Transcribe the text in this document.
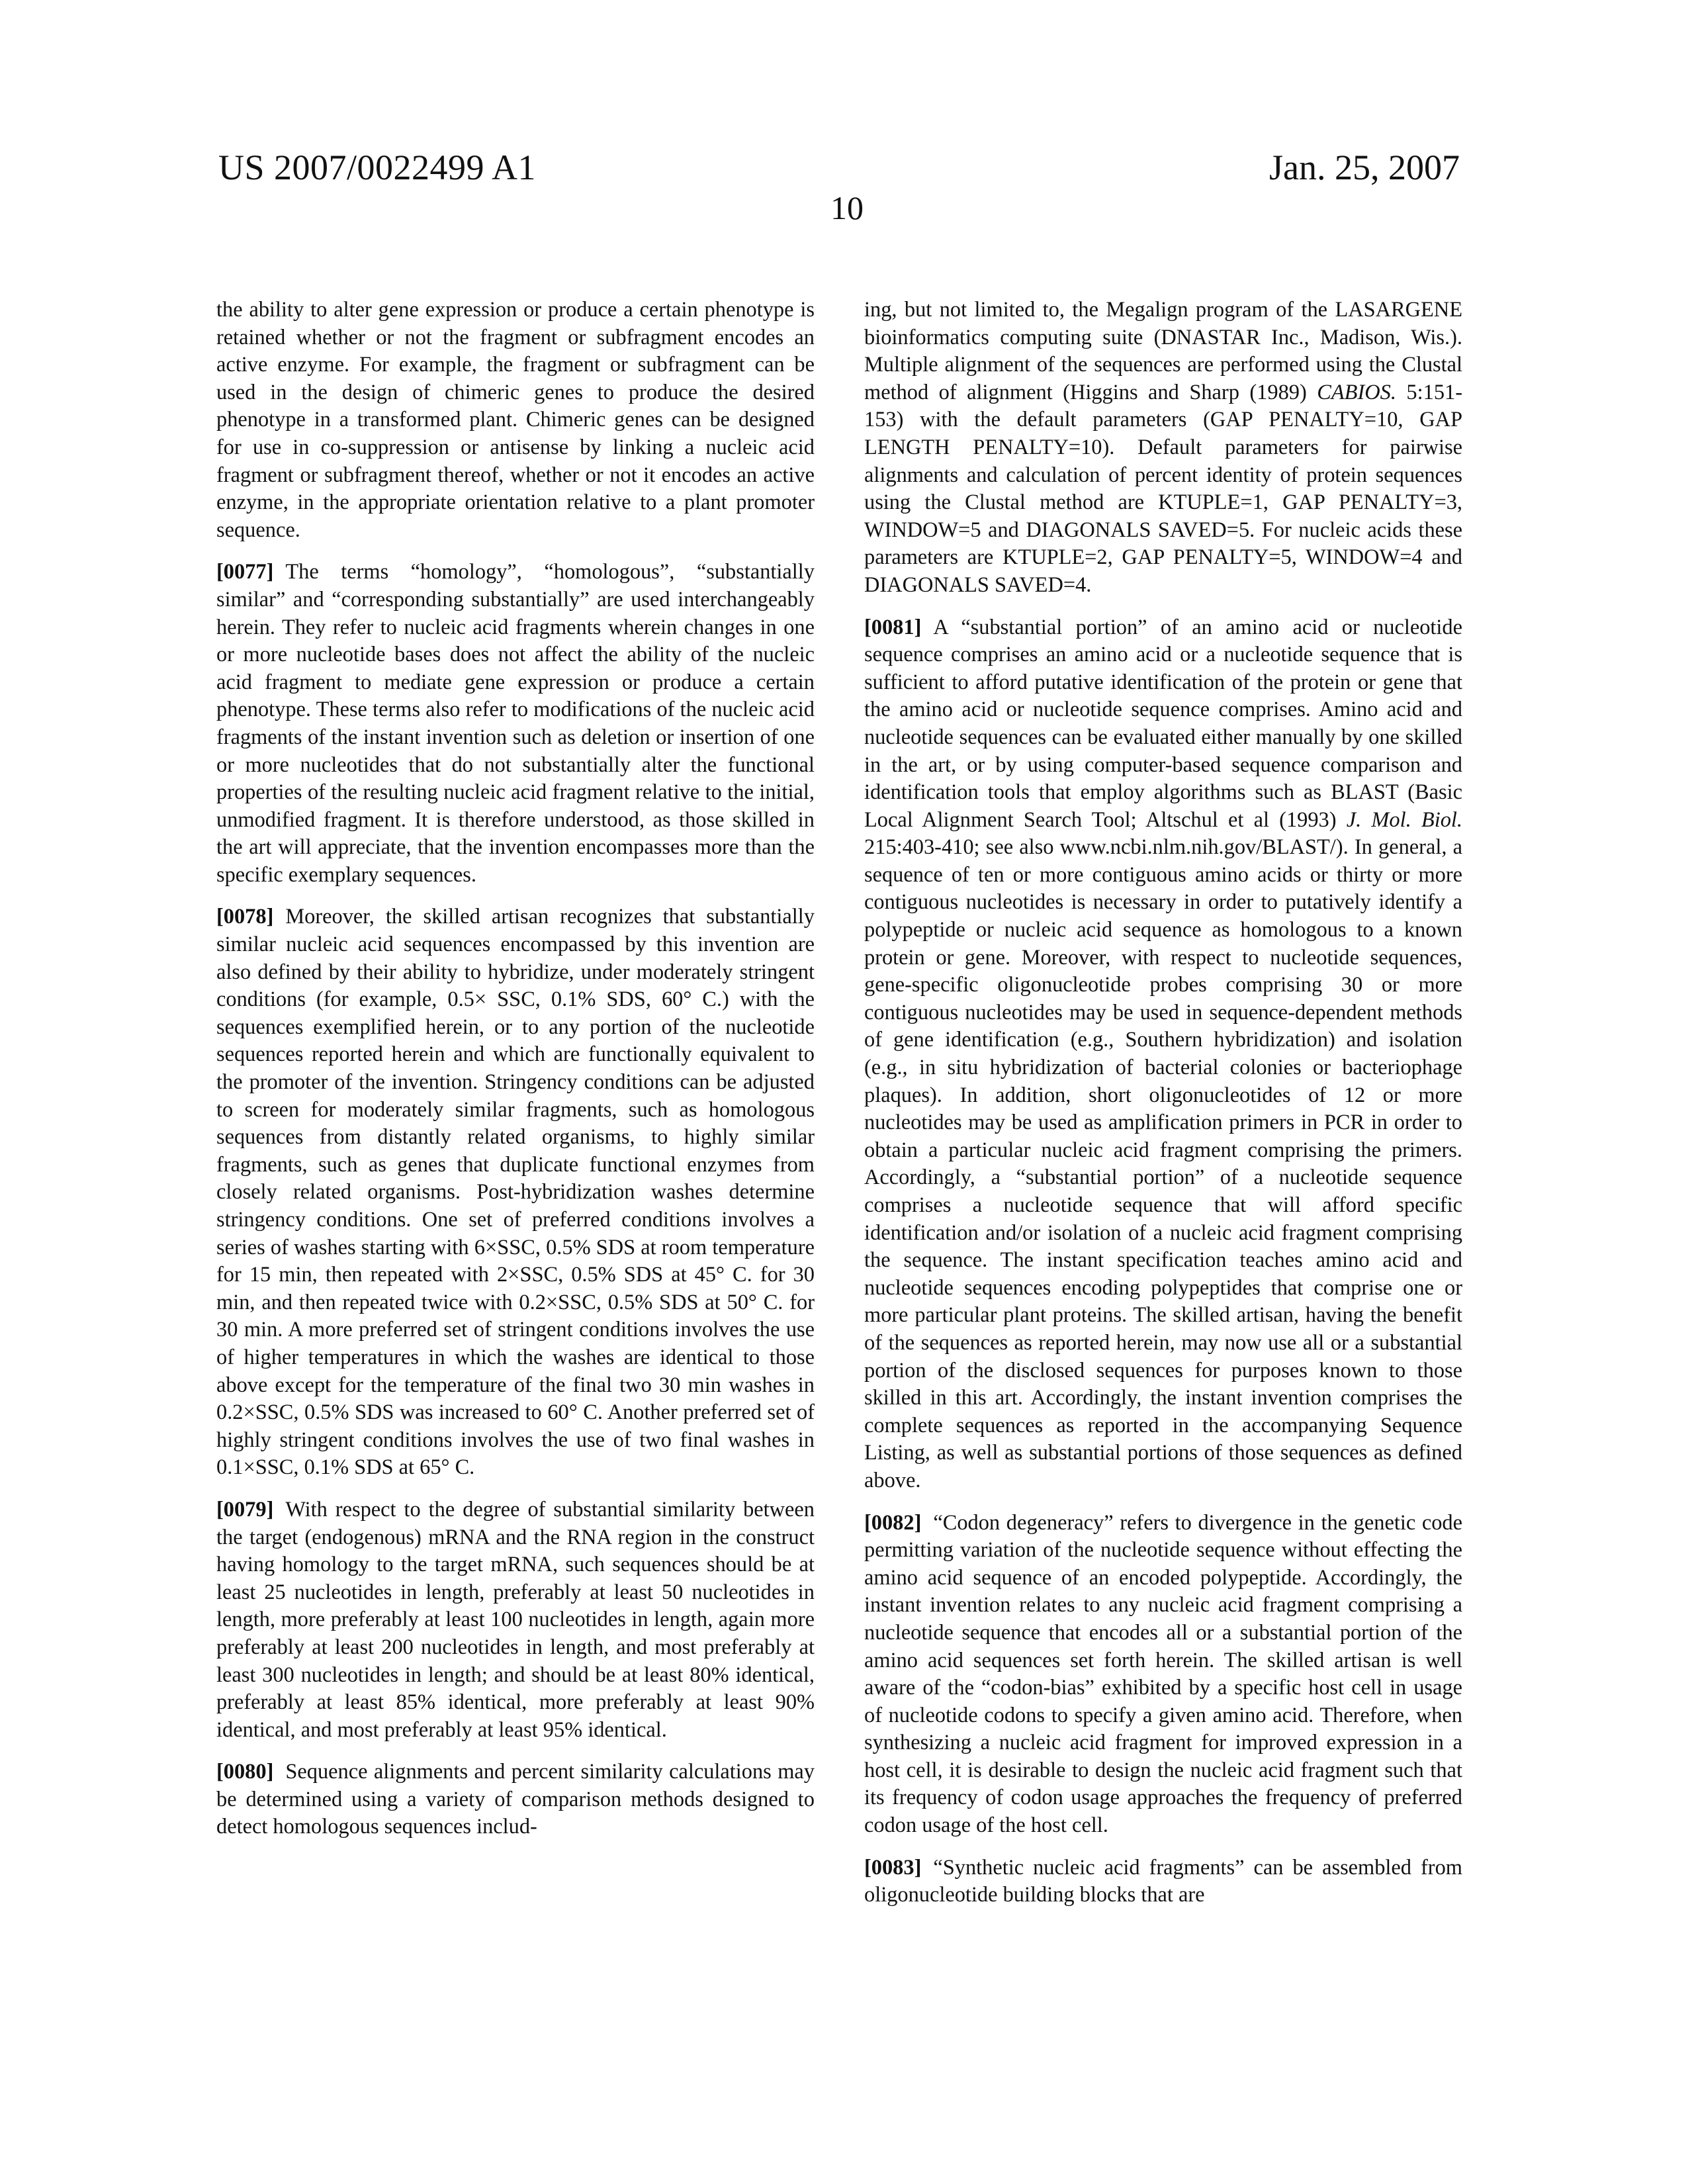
US 2007/0022499 A1	Jan. 25, 2007
10

the ability to alter gene expression or produce a certain phenotype is retained whether or not the fragment or subfragment encodes an active enzyme. For example, the fragment or subfragment can be used in the design of chimeric genes to produce the desired phenotype in a transformed plant. Chimeric genes can be designed for use in co-suppression or antisense by linking a nucleic acid fragment or subfragment thereof, whether or not it encodes an active enzyme, in the appropriate orientation relative to a plant promoter sequence.

[0077] The terms “homology”, “homologous”, “substantially similar” and “corresponding substantially” are used interchangeably herein. They refer to nucleic acid fragments wherein changes in one or more nucleotide bases does not affect the ability of the nucleic acid fragment to mediate gene expression or produce a certain phenotype. These terms also refer to modifications of the nucleic acid fragments of the instant invention such as deletion or insertion of one or more nucleotides that do not substantially alter the functional properties of the resulting nucleic acid fragment relative to the initial, unmodified fragment. It is therefore understood, as those skilled in the art will appreciate, that the invention encompasses more than the specific exemplary sequences.

[0078] Moreover, the skilled artisan recognizes that substantially similar nucleic acid sequences encompassed by this invention are also defined by their ability to hybridize, under moderately stringent conditions (for example, 0.5× SSC, 0.1% SDS, 60° C.) with the sequences exemplified herein, or to any portion of the nucleotide sequences reported herein and which are functionally equivalent to the promoter of the invention. Stringency conditions can be adjusted to screen for moderately similar fragments, such as homologous sequences from distantly related organisms, to highly similar fragments, such as genes that duplicate functional enzymes from closely related organisms. Post-hybridization washes determine stringency conditions. One set of preferred conditions involves a series of washes starting with 6×SSC, 0.5% SDS at room temperature for 15 min, then repeated with 2×SSC, 0.5% SDS at 45° C. for 30 min, and then repeated twice with 0.2×SSC, 0.5% SDS at 50° C. for 30 min. A more preferred set of stringent conditions involves the use of higher temperatures in which the washes are identical to those above except for the temperature of the final two 30 min washes in 0.2×SSC, 0.5% SDS was increased to 60° C. Another preferred set of highly stringent conditions involves the use of two final washes in 0.1×SSC, 0.1% SDS at 65° C.

[0079] With respect to the degree of substantial similarity between the target (endogenous) mRNA and the RNA region in the construct having homology to the target mRNA, such sequences should be at least 25 nucleotides in length, preferably at least 50 nucleotides in length, more preferably at least 100 nucleotides in length, again more preferably at least 200 nucleotides in length, and most preferably at least 300 nucleotides in length; and should be at least 80% identical, preferably at least 85% identical, more preferably at least 90% identical, and most preferably at least 95% identical.

[0080] Sequence alignments and percent similarity calculations may be determined using a variety of comparison methods designed to detect homologous sequences includ-

ing, but not limited to, the Megalign program of the LASARGENE bioinformatics computing suite (DNASTAR Inc., Madison, Wis.). Multiple alignment of the sequences are performed using the Clustal method of alignment (Higgins and Sharp (1989) CABIOS. 5:151-153) with the default parameters (GAP PENALTY=10, GAP LENGTH PENALTY=10). Default parameters for pairwise alignments and calculation of percent identity of protein sequences using the Clustal method are KTUPLE=1, GAP PENALTY=3, WINDOW=5 and DIAGONALS SAVED=5. For nucleic acids these parameters are KTUPLE=2, GAP PENALTY=5, WINDOW=4 and DIAGONALS SAVED=4.

[0081] A “substantial portion” of an amino acid or nucleotide sequence comprises an amino acid or a nucleotide sequence that is sufficient to afford putative identification of the protein or gene that the amino acid or nucleotide sequence comprises. Amino acid and nucleotide sequences can be evaluated either manually by one skilled in the art, or by using computer-based sequence comparison and identification tools that employ algorithms such as BLAST (Basic Local Alignment Search Tool; Altschul et al (1993) J. Mol. Biol. 215:403-410; see also www.ncbi.nlm.nih.gov/BLAST/). In general, a sequence of ten or more contiguous amino acids or thirty or more contiguous nucleotides is necessary in order to putatively identify a polypeptide or nucleic acid sequence as homologous to a known protein or gene. Moreover, with respect to nucleotide sequences, gene-specific oligonucleotide probes comprising 30 or more contiguous nucleotides may be used in sequence-dependent methods of gene identification (e.g., Southern hybridization) and isolation (e.g., in situ hybridization of bacterial colonies or bacteriophage plaques). In addition, short oligonucleotides of 12 or more nucleotides may be used as amplification primers in PCR in order to obtain a particular nucleic acid fragment comprising the primers. Accordingly, a “substantial portion” of a nucleotide sequence comprises a nucleotide sequence that will afford specific identification and/or isolation of a nucleic acid fragment comprising the sequence. The instant specification teaches amino acid and nucleotide sequences encoding polypeptides that comprise one or more particular plant proteins. The skilled artisan, having the benefit of the sequences as reported herein, may now use all or a substantial portion of the disclosed sequences for purposes known to those skilled in this art. Accordingly, the instant invention comprises the complete sequences as reported in the accompanying Sequence Listing, as well as substantial portions of those sequences as defined above.

[0082] “Codon degeneracy” refers to divergence in the genetic code permitting variation of the nucleotide sequence without effecting the amino acid sequence of an encoded polypeptide. Accordingly, the instant invention relates to any nucleic acid fragment comprising a nucleotide sequence that encodes all or a substantial portion of the amino acid sequences set forth herein. The skilled artisan is well aware of the “codon-bias” exhibited by a specific host cell in usage of nucleotide codons to specify a given amino acid. Therefore, when synthesizing a nucleic acid fragment for improved expression in a host cell, it is desirable to design the nucleic acid fragment such that its frequency of codon usage approaches the frequency of preferred codon usage of the host cell.

[0083] “Synthetic nucleic acid fragments” can be assembled from oligonucleotide building blocks that are
